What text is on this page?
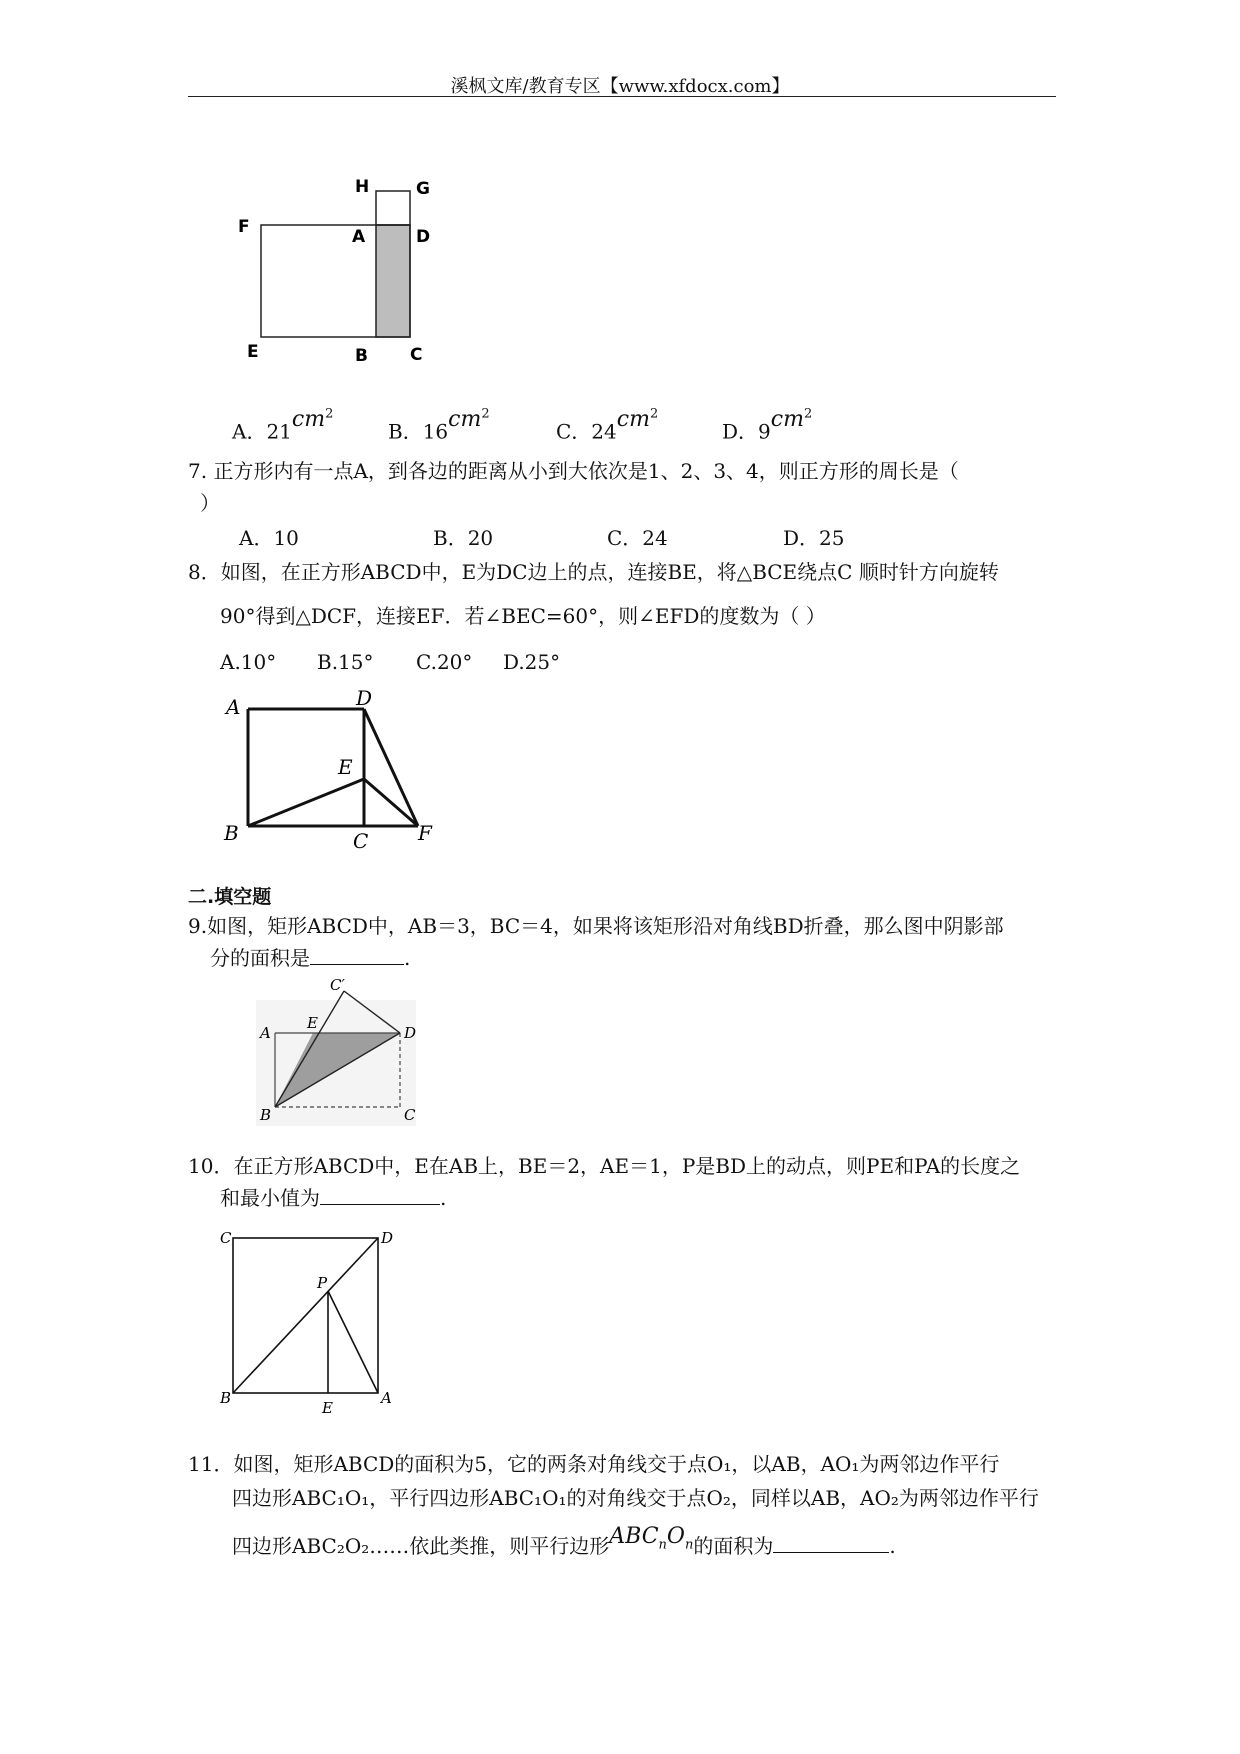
溪枫文库/教育专区【www.xfdocx.com】
H	G
F	A	D
E	B C
A．$21cm^2$
B．$16cm^2$
C．$24cm^2$
D．$9cm^2$
7. 正方形内有一点A，到各边的距离从小到大依次是1、2、3、4，则正方形的周长是（
）
A．10	B．20	C．24	D．25
8．如图，在正方形ABCD中，E为DC边上的点，连接BE，将△BCE绕点C 顺时针方向旋转
90°得到△DCF，连接EF．若∠BEC=60°，则∠EFD的度数为（ ）
A.10° B.15° C.20° D.25°
A	D
E
B	C F
二.填空题
9.如图，矩形ABCD中，AB＝3，BC＝4，如果将该矩形沿对角线BD折叠，那么图中阴影部
分的面积是	.
C′
E
A	D
B	C
10．在正方形ABCD中，E在AB上，BE＝2，AE＝1，P是BD上的动点，则PE和PA的长度之
和最小值为	.
C	D
P
B
E
A
11．如图，矩形ABCD的面积为5，它的两条对角线交于点O₁，以AB，AO₁为两邻边作平行
四边形ABC₁O₁，平行四边形ABC₁O₁的对角线交于点O₂，同样以AB，AO₂为两邻边作平行
四边形ABC₂O₂……依此类推，则平行边形$ABC_nO_n$的面积为	.
